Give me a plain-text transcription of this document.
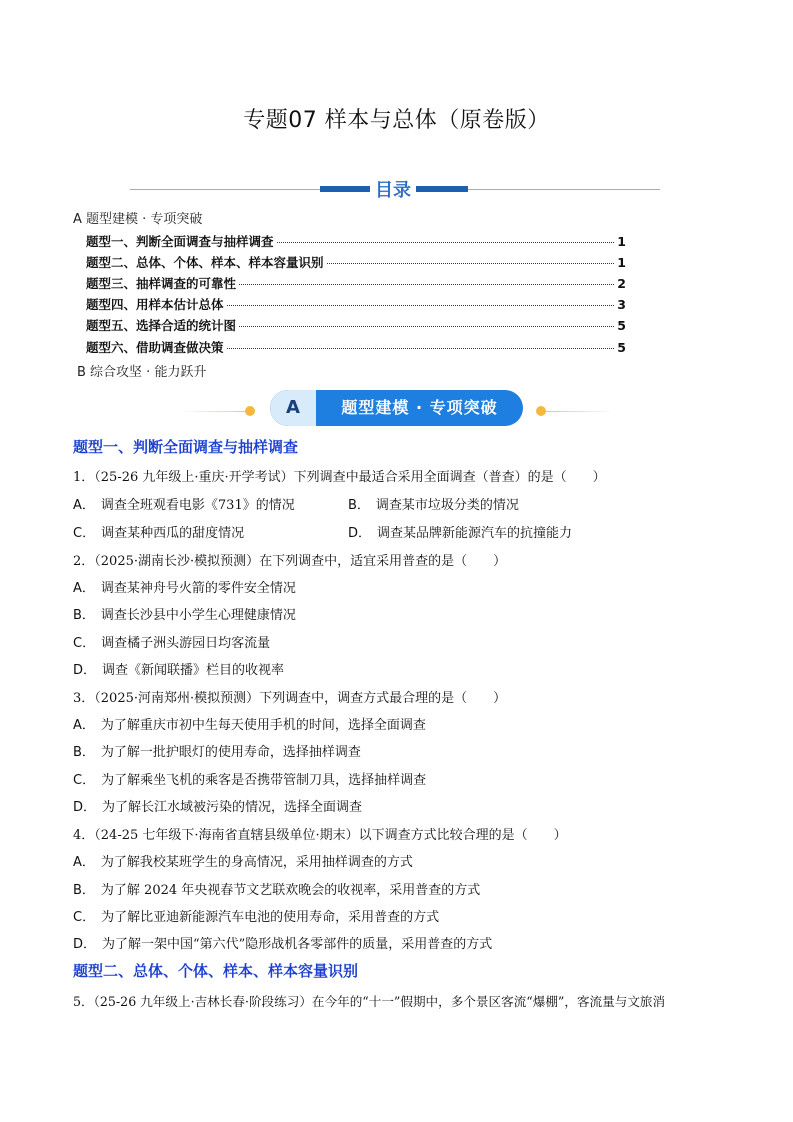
专题07 样本与总体（原卷版）
目录
A 题型建模 · 专项突破
题型一、判断全面调查与抽样调查	1
题型二、总体、个体、样本、样本容量识别	1
题型三、抽样调查的可靠性	2
题型四、用样本估计总体	3
题型五、选择合适的统计图	5
题型六、借助调查做决策	5
B 综合攻坚 · 能力跃升
A	题型建模 · 专项突破
题型一、判断全面调查与抽样调查
1．（25-26 九年级上·重庆·开学考试）下列调查中最适合采用全面调查（普查）的是（　　）
A． 调查全班观看电影《731》的情况	B． 调查某市垃圾分类的情况
C． 调查某种西瓜的甜度情况	D． 调查某品牌新能源汽车的抗撞能力
2．（2025·湖南长沙·模拟预测）在下列调查中，适宜采用普查的是（　　）
A． 调查某神舟号火箭的零件安全情况
B． 调查长沙县中小学生心理健康情况
C． 调查橘子洲头游园日均客流量
D． 调查《新闻联播》栏目的收视率
3．（2025·河南郑州·模拟预测）下列调查中，调查方式最合理的是（　　）
A． 为了解重庆市初中生每天使用手机的时间，选择全面调查
B． 为了解一批护眼灯的使用寿命，选择抽样调查
C． 为了解乘坐飞机的乘客是否携带管制刀具，选择抽样调查
D． 为了解长江水域被污染的情况，选择全面调查
4．（24-25 七年级下·海南省直辖县级单位·期末）以下调查方式比较合理的是（　　）
A． 为了解我校某班学生的身高情况，采用抽样调查的方式
B． 为了解 2024 年央视春节文艺联欢晚会的收视率，采用普查的方式
C． 为了解比亚迪新能源汽车电池的使用寿命，采用普查的方式
D． 为了解一架中国“第六代”隐形战机各零部件的质量，采用普查的方式
题型二、总体、个体、样本、样本容量识别
5．（25-26 九年级上·吉林长春·阶段练习）在今年的“十一”假期中，多个景区客流“爆棚”，客流量与文旅消
